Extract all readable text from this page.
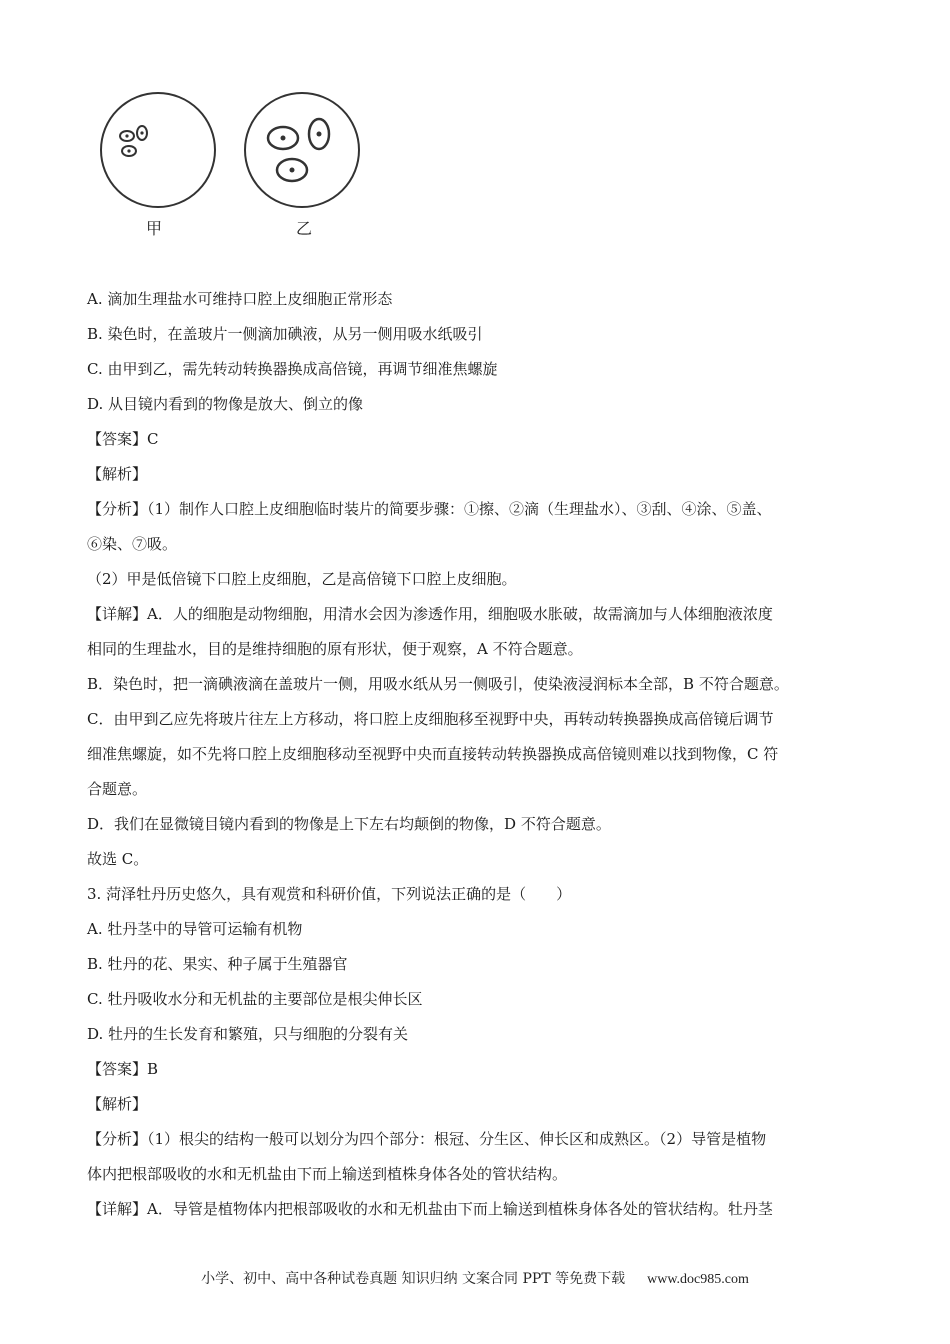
甲	乙
A. 滴加生理盐水可维持口腔上皮细胞正常形态
B. 染色时，在盖玻片一侧滴加碘液，从另一侧用吸水纸吸引
C. 由甲到乙，需先转动转换器换成高倍镜，再调节细准焦螺旋
D. 从目镜内看到的物像是放大、倒立的像
【答案】C
【解析】
【分析】（1）制作人口腔上皮细胞临时装片的简要步骤：①擦、②滴（生理盐水）、③刮、④涂、⑤盖、
⑥染、⑦吸。
（2）甲是低倍镜下口腔上皮细胞，乙是高倍镜下口腔上皮细胞。
【详解】A．人的细胞是动物细胞，用清水会因为渗透作用，细胞吸水胀破，故需滴加与人体细胞液浓度
相同的生理盐水，目的是维持细胞的原有形状，便于观察，A 不符合题意。
B．染色时，把一滴碘液滴在盖玻片一侧，用吸水纸从另一侧吸引，使染液浸润标本全部，B 不符合题意。
C．由甲到乙应先将玻片往左上方移动，将口腔上皮细胞移至视野中央，再转动转换器换成高倍镜后调节
细准焦螺旋，如不先将口腔上皮细胞移动至视野中央而直接转动转换器换成高倍镜则难以找到物像，C 符
合题意。
D．我们在显微镜目镜内看到的物像是上下左右均颠倒的物像，D 不符合题意。
故选 C。
3. 菏泽牡丹历史悠久，具有观赏和科研价值，下列说法正确的是（　　）
A. 牡丹茎中的导管可运输有机物
B. 牡丹的花、果实、种子属于生殖器官
C. 牡丹吸收水分和无机盐的主要部位是根尖伸长区
D. 牡丹的生长发育和繁殖，只与细胞的分裂有关
【答案】B
【解析】
【分析】（1）根尖的结构一般可以划分为四个部分：根冠、分生区、伸长区和成熟区。（2）导管是植物
体内把根部吸收的水和无机盐由下而上输送到植株身体各处的管状结构。
【详解】A．导管是植物体内把根部吸收的水和无机盐由下而上输送到植株身体各处的管状结构。牡丹茎
小学、初中、高中各种试卷真题 知识归纳 文案合同 PPT 等免费下载 www.doc985.com
